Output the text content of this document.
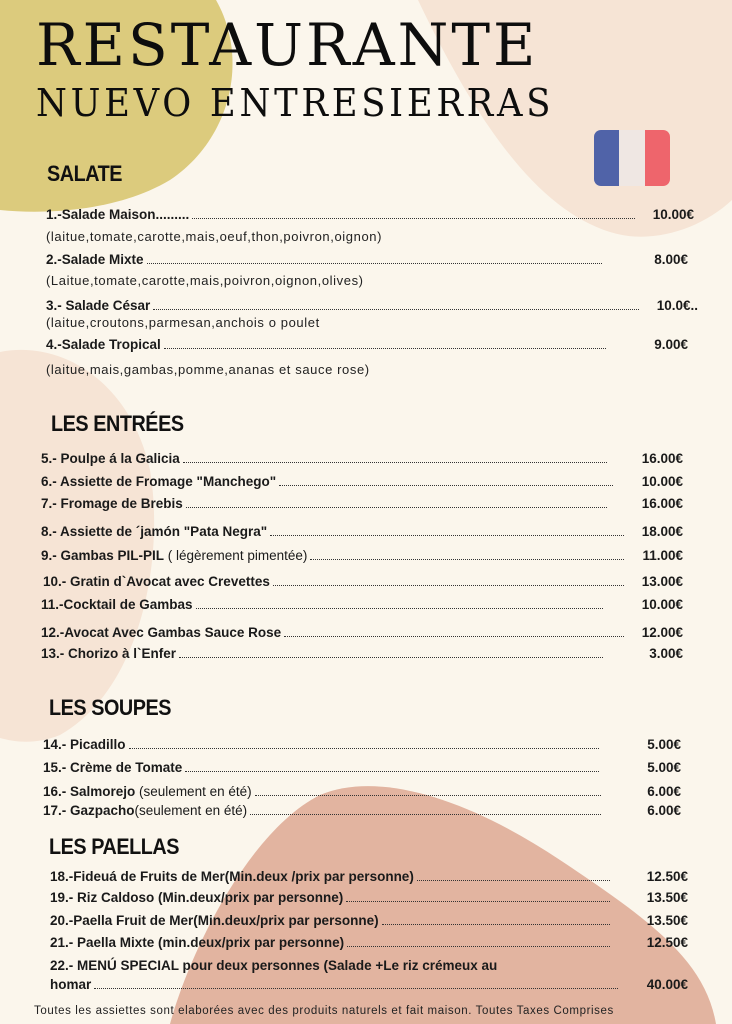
RESTAURANTE
NUEVO ENTRESIERRAS
SALATE
1.-Salade Maison.........	10.00€
(laitue,tomate,carotte,mais,oeuf,thon,poivron,oignon)
2.-Salade Mixte	8.00€
(Laitue,tomate,carotte,mais,poivron,oignon,olives)
3.- Salade César	10.0€..
(laitue,croutons,parmesan,anchois o poulet
4.-Salade Tropical	9.00€
(laitue,mais,gambas,pomme,ananas et sauce rose)
LES ENTRÉES
5.- Poulpe á la Galicia	16.00€
6.- Assiette de Fromage "Manchego"	10.00€
7.- Fromage de Brebis	16.00€
8.- Assiette de ´jamón "Pata Negra"	18.00€
9.- Gambas PIL-PIL ( légèrement pimentée)	11.00€
10.- Gratin d`Avocat avec Crevettes	13.00€
11.-Cocktail de Gambas	10.00€
12.-Avocat Avec Gambas Sauce Rose	12.00€
13.- Chorizo à l`Enfer	3.00€
LES SOUPES
14.- Picadillo	5.00€
15.- Crème de Tomate	5.00€
16.- Salmorejo (seulement en été)	6.00€
17.- Gazpacho(seulement en été)	6.00€
LES PAELLAS
18.-Fideuá de Fruits de Mer(Min.deux /prix par personne)	12.50€
19.- Riz Caldoso (Min.deux/prix par personne)	13.50€
20.-Paella Fruit de Mer(Min.deux/prix par personne)	13.50€
21.- Paella Mixte (min.deux/prix par personne)	12.50€
22.- MENÚ SPECIAL pour deux personnes (Salade +Le riz crémeux au
homar	40.00€
Toutes les assiettes sont elaborées avec des produits naturels et fait maison. Toutes Taxes Comprises
